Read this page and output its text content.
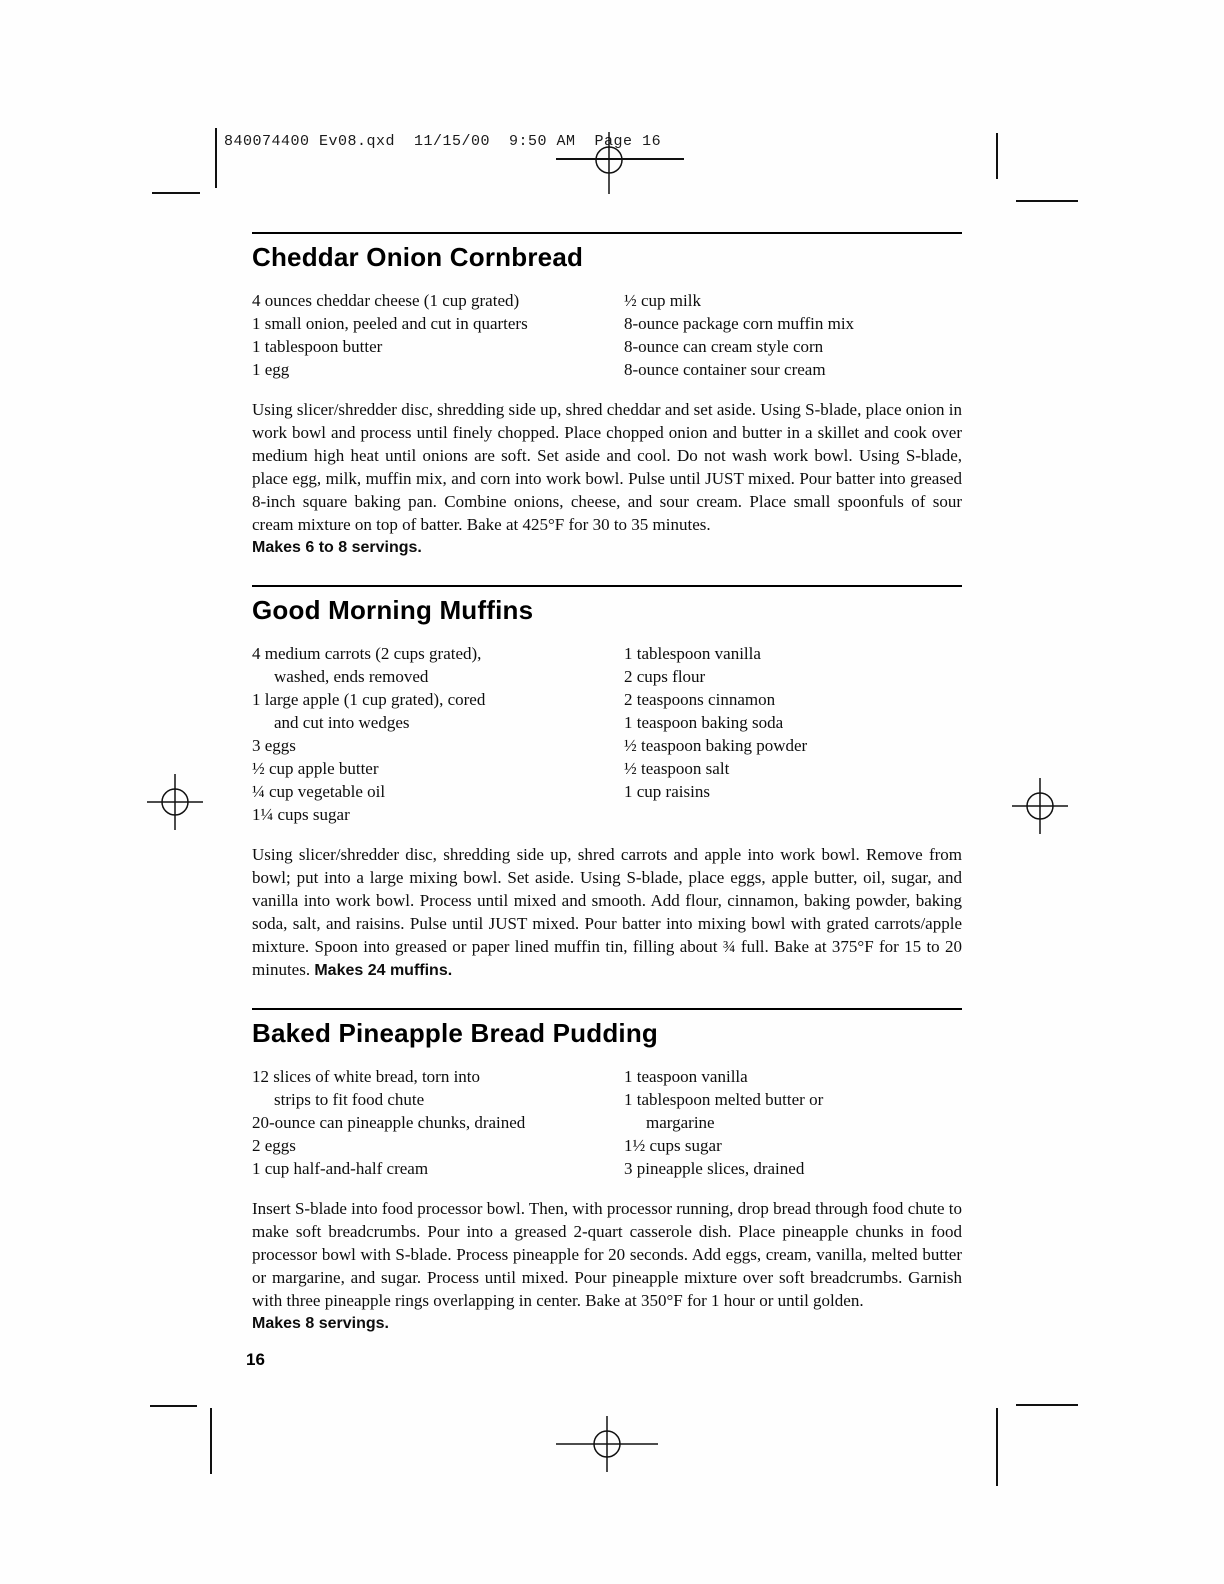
840074400 Ev08.qxd  11/15/00  9:50 AM  Page 16
Cheddar Onion Cornbread
4 ounces cheddar cheese (1 cup grated)
1 small onion, peeled and cut in quarters
1 tablespoon butter
1 egg
½ cup milk
8-ounce package corn muffin mix
8-ounce can cream style corn
8-ounce container sour cream

Using slicer/shredder disc, shredding side up, shred cheddar and set aside. Using S-blade, place onion in work bowl and process until finely chopped. Place chopped onion and butter in a skillet and cook over medium high heat until onions are soft. Set aside and cool. Do not wash work bowl. Using S-blade, place egg, milk, muffin mix, and corn into work bowl. Pulse until JUST mixed. Pour batter into greased 8-inch square baking pan. Combine onions, cheese, and sour cream. Place small spoonfuls of sour cream mixture on top of batter. Bake at 425°F for 30 to 35 minutes.
Makes 6 to 8 servings.

Good Morning Muffins
4 medium carrots (2 cups grated),
washed, ends removed
1 large apple (1 cup grated), cored
and cut into wedges
3 eggs
½ cup apple butter
¼ cup vegetable oil
1¼ cups sugar
1 tablespoon vanilla
2 cups flour
2 teaspoons cinnamon
1 teaspoon baking soda
½ teaspoon baking powder
½ teaspoon salt
1 cup raisins

Using slicer/shredder disc, shredding side up, shred carrots and apple into work bowl. Remove from bowl; put into a large mixing bowl. Set aside. Using S-blade, place eggs, apple butter, oil, sugar, and vanilla into work bowl. Process until mixed and smooth. Add flour, cinnamon, baking powder, baking soda, salt, and raisins. Pulse until JUST mixed. Pour batter into mixing bowl with grated carrots/apple mixture. Spoon into greased or paper lined muffin tin, filling about ¾ full. Bake at 375°F for 15 to 20 minutes. Makes 24 muffins.

Baked Pineapple Bread Pudding
12 slices of white bread, torn into
strips to fit food chute
20-ounce can pineapple chunks, drained
2 eggs
1 cup half-and-half cream
1 teaspoon vanilla
1 tablespoon melted butter or
margarine
1½ cups sugar
3 pineapple slices, drained

Insert S-blade into food processor bowl. Then, with processor running, drop bread through food chute to make soft breadcrumbs. Pour into a greased 2-quart casserole dish. Place pineapple chunks in food processor bowl with S-blade. Process pineapple for 20 seconds. Add eggs, cream, vanilla, melted butter or margarine, and sugar. Process until mixed. Pour pineapple mixture over soft breadcrumbs. Garnish with three pineapple rings overlapping in center. Bake at 350°F for 1 hour or until golden.
Makes 8 servings.

16
